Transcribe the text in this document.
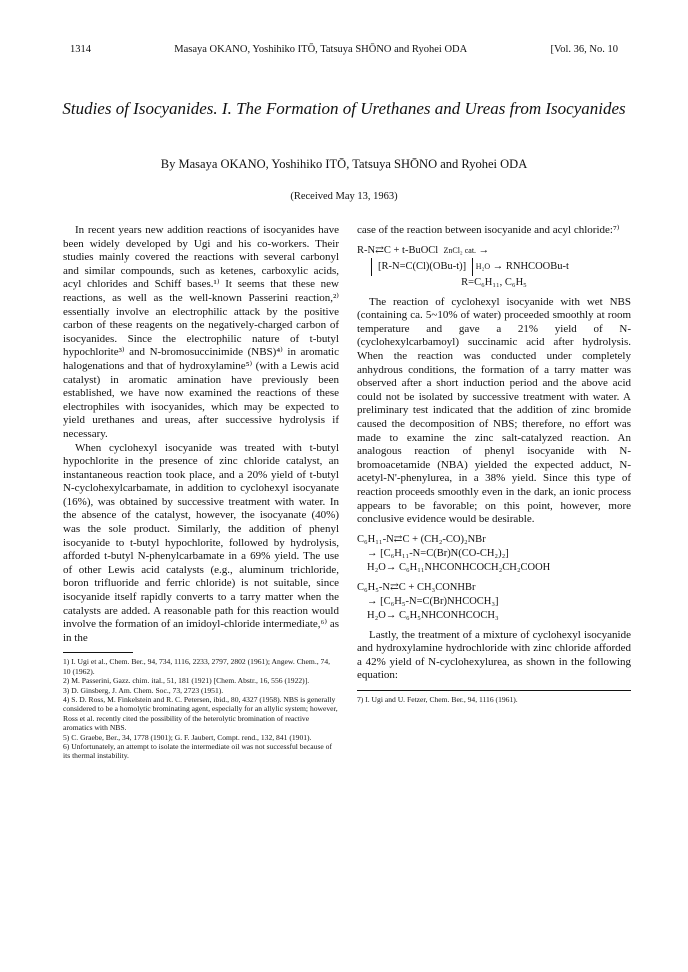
1314	Masaya OKANO, Yoshihiko ITŌ, Tatsuya SHŌNO and Ryohei ODA	[Vol. 36, No. 10
Studies of Isocyanides. I. The Formation of Urethanes and Ureas from Isocyanides
By Masaya OKANO, Yoshihiko ITŌ, Tatsuya SHŌNO and Ryohei ODA
(Received May 13, 1963)

In recent years new addition reactions of isocyanides have been widely developed by Ugi and his co-workers. Their studies mainly covered the reactions with several carbonyl and similar compounds, such as ketenes, carboxylic acids, acyl chlorides and Schiff bases.¹⁾ It seems that these new reactions, as well as the well-known Passerini reaction,²⁾ essentially involve an electrophilic attack by the positive carbon of these reagents on the negatively-charged carbon of isocyanides. Since the electrophilic nature of t-butyl hypochlorite³⁾ and N-bromosuccinimide (NBS)⁴⁾ in aromatic halogenations and that of hydroxylamine⁵⁾ (with a Lewis acid catalyst) in aromatic amination have previously been established, we have now examined the reactions of these electrophiles with isocyanides, which may be expected to yield urethanes and ureas, after successive hydrolysis if necessary.

When cyclohexyl isocyanide was treated with t-butyl hypochlorite in the presence of zinc chloride catalyst, an instantaneous reaction took place, and a 20% yield of t-butyl N-cyclohexylcarbamate, in addition to cyclohexyl isocyanate (16%), was obtained by successive treatment with water. In the absence of the catalyst, however, the isocyanate (40%) was the sole product. Similarly, the addition of phenyl isocyanide to t-butyl hypochlorite, followed by hydrolysis, afforded t-butyl N-phenylcarbamate in a 69% yield. The use of other Lewis acid catalysts (e.g., aluminum trichloride, boron trifluoride and ferric chloride) is not suitable, since isocyanide itself rapidly converts to a tarry matter when the catalysts are added. A reasonable path for this reaction would involve the formation of an imidoyl-chloride intermediate,⁶⁾ as in the

1) I. Ugi et al., Chem. Ber., 94, 734, 1116, 2233, 2797, 2802 (1961); Angew. Chem., 74, 10 (1962).
2) M. Passerini, Gazz. chim. ital., 51, 181 (1921) [Chem. Abstr., 16, 556 (1922)].
3) D. Ginsberg, J. Am. Chem. Soc., 73, 2723 (1951).
4) S. D. Ross, M. Finkelstein and R. C. Petersen, ibid., 80, 4327 (1958). NBS is generally considered to be a homolytic brominating agent, especially for an allylic system; however, Ross et al. recently cited the possibility of the heterolytic bromination of reactive aromatics with NBS.
5) C. Graebe, Ber., 34, 1778 (1901); G. F. Jaubert, Compt. rend., 132, 841 (1901).
6) Unfortunately, an attempt to isolate the intermediate oil was not successful because of its thermal instability.

case of the reaction between isocyanide and acyl chloride:⁷⁾

R-N⇄C + t-BuOCl ZnCl₂ cat. →
[R-N=C(Cl)(OBu-t)] H₂O → RNHCOOBu-t
R=C₆H₁₁, C₆H₅

The reaction of cyclohexyl isocyanide with wet NBS (containing ca. 5~10% of water) proceeded smoothly at room temperature and gave a 21% yield of N-(cyclohexylcarbamoyl) succinamic acid after hydrolysis. When the reaction was conducted under completely anhydrous conditions, the formation of a tarry matter was observed after a short induction period and the above acid could not be isolated by successive treatment with water. A preliminary test indicated that the addition of zinc bromide caused the decomposition of NBS; therefore, no effort was made to examine the zinc salt-catalyzed reaction. An analogous reaction of phenyl isocyanide with N-bromoacetamide (NBA) yielded the expected adduct, N-acetyl-N'-phenylurea, in a 38% yield. Since this type of reaction proceeds smoothly even in the dark, an ionic process appears to be favorable; on this point, however, more conclusive evidence would be desirable.

C₆H₁₁-N⇄C + (CH₂-CO)₂NBr
→ [C₆H₁₁-N=C(Br)N(CO-CH₂)₂]
H₂O→ C₆H₁₁NHCONHCOCH₂CH₂COOH
C₆H₅-N⇄C + CH₃CONHBr
→ [C₆H₅-N=C(Br)NHCOCH₃]
H₂O→ C₆H₅NHCONHCOCH₃

Lastly, the treatment of a mixture of cyclohexyl isocyanide and hydroxylamine hydrochloride with zinc chloride afforded a 42% yield of N-cyclohexylurea, as shown in the following equation:

7) I. Ugi and U. Fetzer, Chem. Ber., 94, 1116 (1961).
